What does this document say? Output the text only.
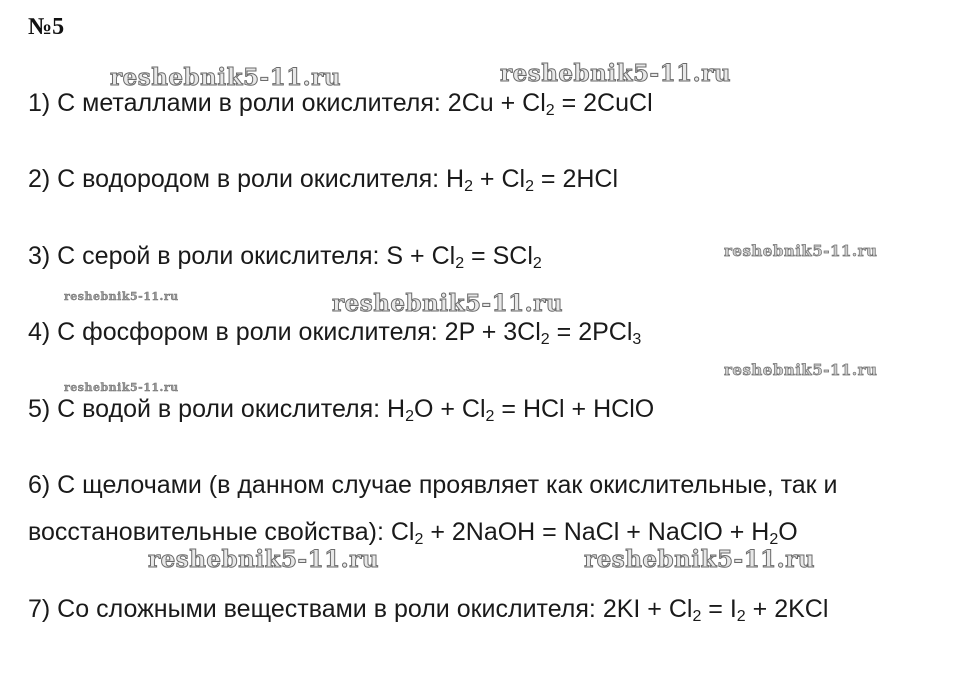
№5
1) С металлами в роли окислителя: $2Cu + Cl_2$ = 2CuCl
2) С водородом в роли окислителя: $H_2 + Cl_2 = 2HCl$
3) С серой в роли окислителя: $S + Cl_2 = SCl_2$
4) С фосфором в роли окислителя: $2P + 3Cl_2 = 2PCl_3$
5) С водой в роли окислителя: $H_2O + Cl_2$ = HCl + HClO
6) С щелочами (в данном случае проявляет как окислительные, так и
восстановительные свойства): $Cl_2$ + 2NaOH = NaCl + NaClO + $H_2O$
7) Со сложными веществами в роли окислителя: $2KI + Cl_2 = I_2 + 2KCl$
reshebnik5-11.ru	reshebnik5-11.ru
reshebnik5-11.ru
reshebnik5-11.ru	reshebnik5-11.ru
reshebnik5-11.ru
reshebnik5-11.ru
reshebnik5-11.ru	reshebnik5-11.ru
